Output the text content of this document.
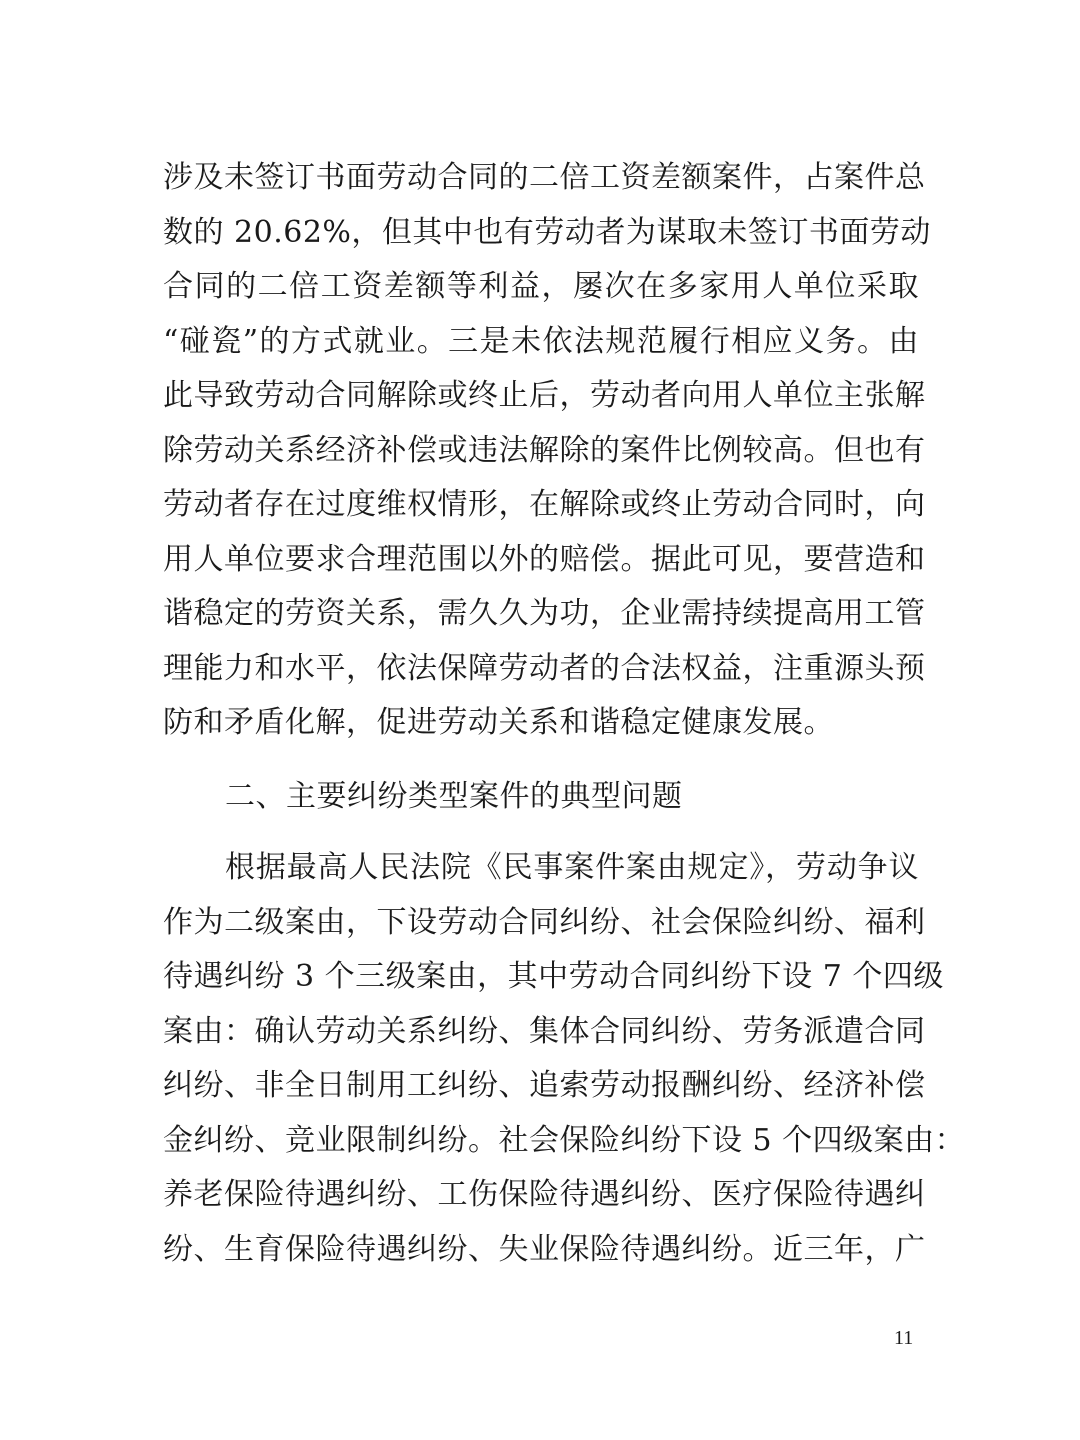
涉及未签订书面劳动合同的二倍工资差额案件，占案件总
数的 20.62%，但其中也有劳动者为谋取未签订书面劳动
合同的二倍工资差额等利益，屡次在多家用人单位采取
“碰瓷”的方式就业。三是未依法规范履行相应义务。由
此导致劳动合同解除或终止后，劳动者向用人单位主张解
除劳动关系经济补偿或违法解除的案件比例较高。但也有
劳动者存在过度维权情形，在解除或终止劳动合同时，向
用人单位要求合理范围以外的赔偿。据此可见，要营造和
谐稳定的劳资关系，需久久为功，企业需持续提高用工管
理能力和水平，依法保障劳动者的合法权益，注重源头预
防和矛盾化解，促进劳动关系和谐稳定健康发展。
二、主要纠纷类型案件的典型问题
根据最高人民法院《民事案件案由规定》，劳动争议
作为二级案由，下设劳动合同纠纷、社会保险纠纷、福利
待遇纠纷 3 个三级案由，其中劳动合同纠纷下设 7 个四级
案由：确认劳动关系纠纷、集体合同纠纷、劳务派遣合同
纠纷、非全日制用工纠纷、追索劳动报酬纠纷、经济补偿
金纠纷、竞业限制纠纷。社会保险纠纷下设 5 个四级案由：
养老保险待遇纠纷、工伤保险待遇纠纷、医疗保险待遇纠
纷、生育保险待遇纠纷、失业保险待遇纠纷。近三年，广
11
